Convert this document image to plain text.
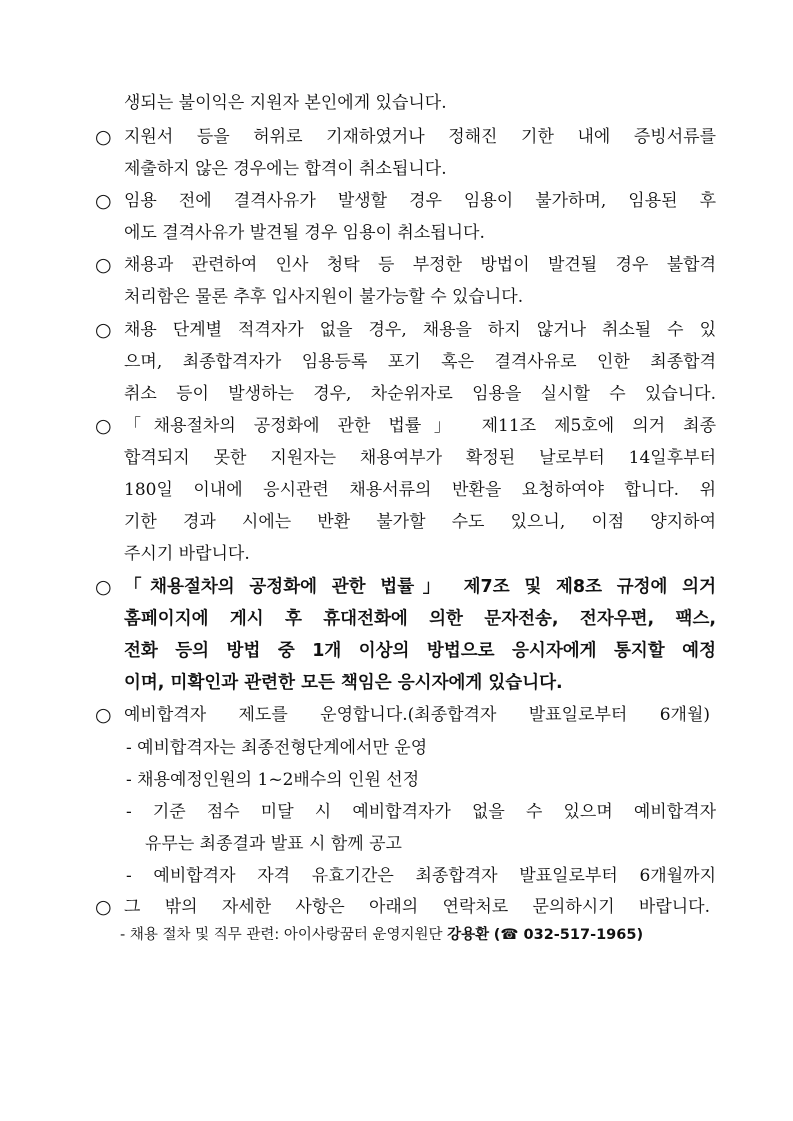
생되는 불이익은 지원자 본인에게 있습니다.
○ 지원서 등을 허위로 기재하였거나 정해진 기한 내에 증빙서류를
제출하지 않은 경우에는 합격이 취소됩니다.
○ 임용 전에 결격사유가 발생할 경우 임용이 불가하며, 임용된 후
에도 결격사유가 발견될 경우 임용이 취소됩니다.
○ 채용과 관련하여 인사 청탁 등 부정한 방법이 발견될 경우 불합격
처리함은 물론 추후 입사지원이 불가능할 수 있습니다.
○ 채용 단계별 적격자가 없을 경우, 채용을 하지 않거나 취소될 수 있
으며, 최종합격자가 임용등록 포기 혹은 결격사유로 인한 최종합격
취소 등이 발생하는 경우, 차순위자로 임용을 실시할 수 있습니다.
○ 「채용절차의 공정화에 관한 법률」 제11조 제5호에 의거 최종
합격되지 못한 지원자는 채용여부가 확정된 날로부터 14일후부터
180일 이내에 응시관련 채용서류의 반환을 요청하여야 합니다. 위
기한 경과 시에는 반환 불가할 수도 있으니, 이점 양지하여
주시기 바랍니다.
○ 「채용절차의 공정화에 관한 법률」 제7조 및 제8조 규정에 의거
홈페이지에 게시 후 휴대전화에 의한 문자전송, 전자우편, 팩스,
전화 등의 방법 중 1개 이상의 방법으로 응시자에게 통지할 예정
이며, 미확인과 관련한 모든 책임은 응시자에게 있습니다.
○ 예비합격자 제도를 운영합니다.(최종합격자 발표일로부터 6개월)
- 예비합격자는 최종전형단계에서만 운영
- 채용예정인원의 1~2배수의 인원 선정
- 기준 점수 미달 시 예비합격자가 없을 수 있으며 예비합격자
유무는 최종결과 발표 시 함께 공고
- 예비합격자 자격 유효기간은 최종합격자 발표일로부터 6개월까지
○ 그 밖의 자세한 사항은 아래의 연락처로 문의하시기 바랍니다.
- 채용 절차 및 직무 관련: 아이사랑꿈터 운영지원단 강용환 (☎ 032-517-1965)
